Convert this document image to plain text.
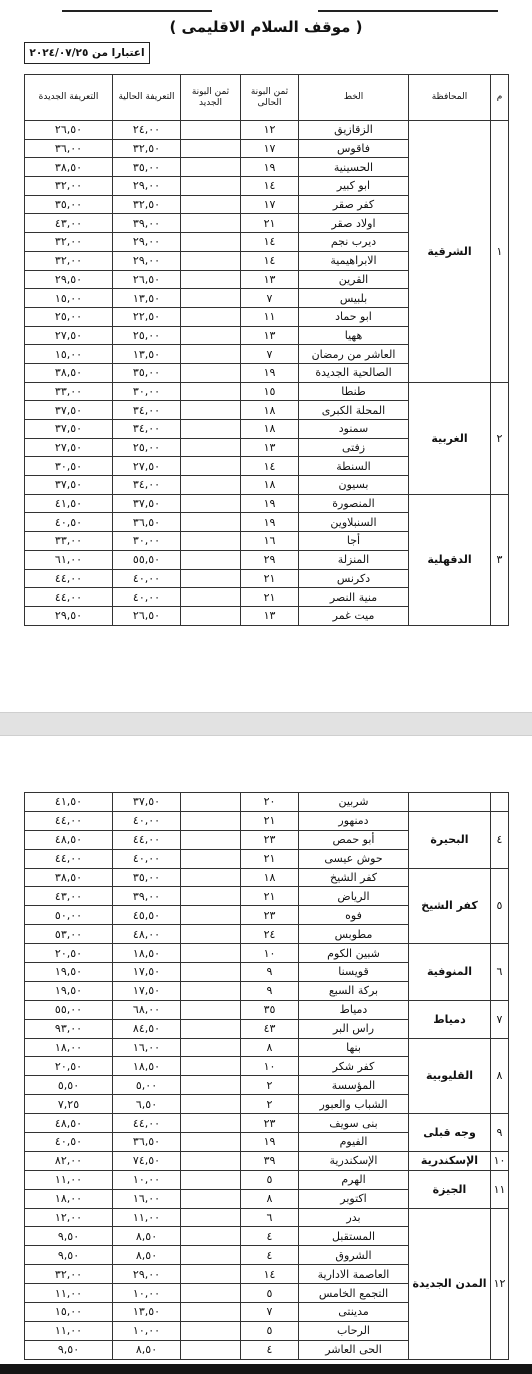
( موقف السلام الاقليمى )
اعتبارا من ٢٠٢٤/٠٧/٢٥
م	المحافظة	الخط	ثمن البونة الحالى	ثمن البونة الجديد	التعريفة الحالية	التعريفة الجديدة
١	الشرقية	الزقازيق	١٢		٢٤,٠٠	٢٦,٥٠
		فاقوس	١٧		٣٢,٥٠	٣٦,٠٠
		الحسينية	١٩		٣٥,٠٠	٣٨,٥٠
		ابو كبير	١٤		٢٩,٠٠	٣٢,٠٠
		كفر صقر	١٧		٣٢,٥٠	٣٥,٠٠
		اولاد صقر	٢١		٣٩,٠٠	٤٣,٠٠
		ديرب نجم	١٤		٢٩,٠٠	٣٢,٠٠
		الابراهيمية	١٤		٢٩,٠٠	٣٢,٠٠
		القرين	١٣		٢٦,٥٠	٢٩,٥٠
		بلبيس	٧		١٣,٥٠	١٥,٠٠
		ابو حماد	١١		٢٢,٥٠	٢٥,٠٠
		ههيا	١٣		٢٥,٠٠	٢٧,٥٠
		العاشر من رمضان	٧		١٣,٥٠	١٥,٠٠
		الصالحية الجديدة	١٩		٣٥,٠٠	٣٨,٥٠
٢	الغربية	طنطا	١٥		٣٠,٠٠	٣٣,٠٠
		المحلة الكبرى	١٨		٣٤,٠٠	٣٧,٥٠
		سمنود	١٨		٣٤,٠٠	٣٧,٥٠
		زفتى	١٣		٢٥,٠٠	٢٧,٥٠
		السنطة	١٤		٢٧,٥٠	٣٠,٥٠
		بسيون	١٨		٣٤,٠٠	٣٧,٥٠
٣	الدقهلية	المنصورة	١٩		٣٧,٥٠	٤١,٥٠
		السنبلاوين	١٩		٣٦,٥٠	٤٠,٥٠
		أجا	١٦		٣٠,٠٠	٣٣,٠٠
		المنزلة	٢٩		٥٥,٥٠	٦١,٠٠
		دكرنس	٢١		٤٠,٠٠	٤٤,٠٠
		منية النصر	٢١		٤٠,٠٠	٤٤,٠٠
		ميت غمر	١٣		٢٦,٥٠	٢٩,٥٠
		شربين	٢٠		٣٧,٥٠	٤١,٥٠
٤	البحيرة	دمنهور	٢١		٤٠,٠٠	٤٤,٠٠
		أبو حمص	٢٣		٤٤,٠٠	٤٨,٥٠
		حوش عيسى	٢١		٤٠,٠٠	٤٤,٠٠
٥	كفر الشيخ	كفر الشيخ	١٨		٣٥,٠٠	٣٨,٥٠
		الرياض	٢١		٣٩,٠٠	٤٣,٠٠
		فوه	٢٣		٤٥,٥٠	٥٠,٠٠
		مطوبس	٢٤		٤٨,٠٠	٥٣,٠٠
٦	المنوفية	شبين الكوم	١٠		١٨,٥٠	٢٠,٥٠
		قويسنا	٩		١٧,٥٠	١٩,٥٠
		بركة السبع	٩		١٧,٥٠	١٩,٥٠
٧	دمياط	دمياط	٣٥		٦٨,٠٠	٥٥,٠٠
		راس البر	٤٣		٨٤,٥٠	٩٣,٠٠
٨	القليوبية	بنها	٨		١٦,٠٠	١٨,٠٠
		كفر شكر	١٠		١٨,٥٠	٢٠,٥٠
		المؤسسة	٢		٥,٠٠	٥,٥٠
		الشباب والعبور	٢		٦,٥٠	٧,٢٥
٩	وجه قبلى	بنى سويف	٢٣		٤٤,٠٠	٤٨,٥٠
		الفيوم	١٩		٣٦,٥٠	٤٠,٥٠
١٠	الإسكندرية	الإسكندرية	٣٩		٧٤,٥٠	٨٢,٠٠
١١	الجيزة	الهرم	٥		١٠,٠٠	١١,٠٠
		اكتوبر	٨		١٦,٠٠	١٨,٠٠
١٢	المدن الجديدة	بدر	٦		١١,٠٠	١٢,٠٠
		المستقبل	٤		٨,٥٠	٩,٥٠
		الشروق	٤		٨,٥٠	٩,٥٠
		العاصمة الادارية	١٤		٢٩,٠٠	٣٢,٠٠
		التجمع الخامس	٥		١٠,٠٠	١١,٠٠
		مدينتى	٧		١٣,٥٠	١٥,٠٠
		الرحاب	٥		١٠,٠٠	١١,٠٠
		الحى العاشر	٤		٨,٥٠	٩,٥٠
